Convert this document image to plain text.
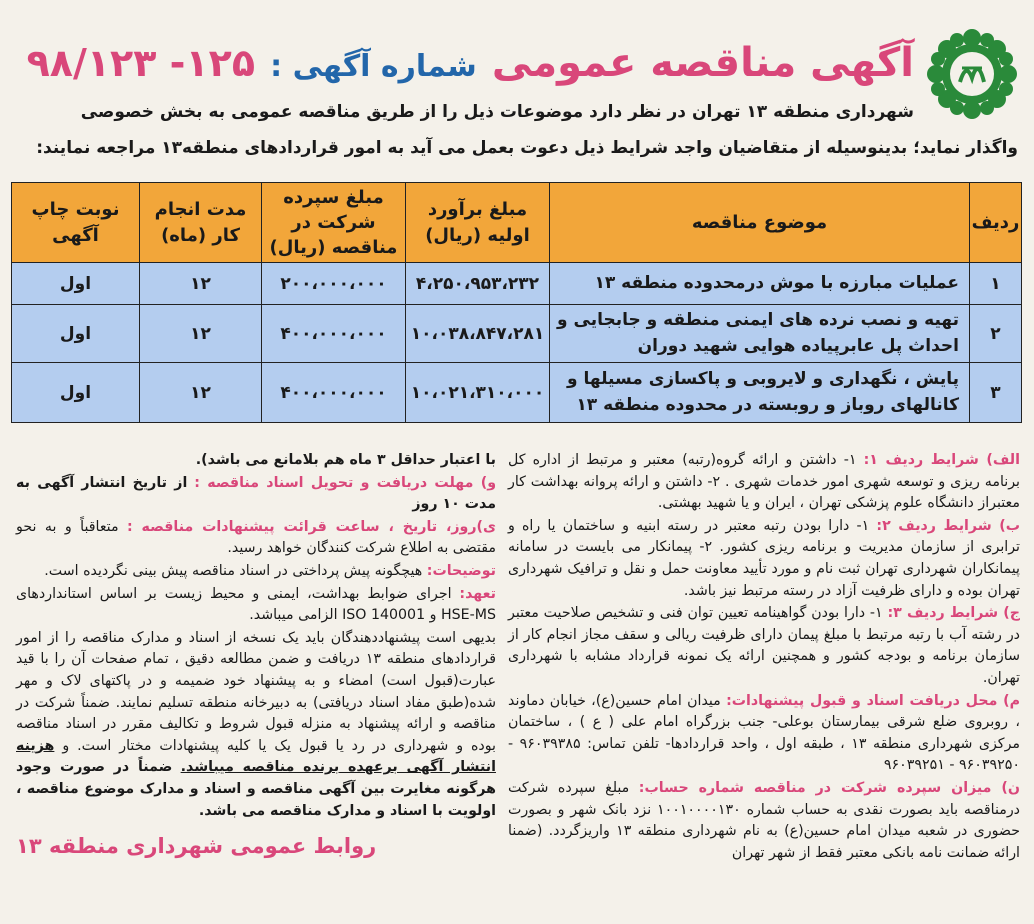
آگهی مناقصه عمومی شماره آگهی : ۱۲۵- ۹۸/۱۲۳
شهرداری منطقه ۱۳ تهران در نظر دارد موضوعات ذیل را از طریق مناقصه عمومی به بخش خصوصی
واگذار نماید؛ بدینوسیله از متقاضیان واجد شرایط ذیل دعوت بعمل می آید به امور قراردادهای منطقه۱۳ مراجعه نمایند:
ردیف	موضوع مناقصه	مبلغ برآورد اولیه (ریال)	مبلغ سپرده شرکت در مناقصه (ریال)	مدت انجام کار (ماه)	نوبت چاپ آگهی
۱	عملیات مبارزه با موش درمحدوده منطقه ۱۳	۴،۲۵۰،۹۵۳،۲۳۲	۲۰۰،۰۰۰،۰۰۰	۱۲	اول
۲	تهیه و نصب نرده های ایمنی منطقه و جابجایی و احداث پل عابرپیاده هوایی شهید دوران	۱۰،۰۳۸،۸۴۷،۲۸۱	۴۰۰،۰۰۰،۰۰۰	۱۲	اول
۳	پایش ، نگهداری و لایروبی و پاکسازی مسیلها و کانالهای روباز و روبسته در محدوده منطقه ۱۳	۱۰،۰۲۱،۳۱۰،۰۰۰	۴۰۰،۰۰۰،۰۰۰	۱۲	اول

الف) شرایط ردیف ۱: ۱- داشتن و ارائه گروه(رتبه) معتبر و مرتبط از اداره کل برنامه ریزی و توسعه شهری امور خدمات شهری . ۲- داشتن و ارائه پروانه بهداشت کار معتبراز دانشگاه علوم پزشکی تهران ، ایران و یا شهید بهشتی.

ب) شرایط ردیف ۲: ۱- دارا بودن رتبه معتبر در رسته ابنیه و ساختمان یا راه و ترابری از سازمان مدیریت و برنامه ریزی کشور. ۲- پیمانکار می بایست در سامانه پیمانکاران شهرداری تهران ثبت نام و مورد تأیید معاونت حمل و نقل و ترافیک شهرداری تهران بوده و دارای ظرفیت آزاد در رسته مرتبط نیز باشد.

ج) شرایط ردیف ۳: ۱- دارا بودن گواهینامه تعیین توان فنی و تشخیص صلاحیت معتبر در رشته آب با رتبه مرتبط با مبلغ پیمان دارای ظرفیت ریالی و سقف مجاز انجام کار از سازمان برنامه و بودجه کشور و همچنین ارائه یک نمونه قرارداد مشابه با شهرداری تهران.

م) محل دریافت اسناد و قبول پیشنهادات: میدان امام حسین(ع)، خیابان دماوند ، روبروی ضلع شرقی بیمارستان بوعلی- جنب بزرگراه امام علی ( ع ) ، ساختمان مرکزی شهرداری منطقه ۱۳ ، طبقه اول ، واحد قراردادها- تلفن تماس: ۹۶۰۳۹۳۸۵ - ۹۶۰۳۹۲۵۰ - ۹۶۰۳۹۲۵۱

ن) میزان سپرده شرکت در مناقصه شماره حساب: مبلغ سپرده شرکت درمناقصه باید بصورت نقدی به حساب شماره ۱۰۰۱۰۰۰۰۱۳۰ نزد بانک شهر و بصورت حضوری در شعبه میدان امام حسین(ع) به نام شهرداری منطقه ۱۳ واریزگردد. (ضمنا ارائه ضمانت نامه بانکی معتبر فقط از شهر تهران

با اعتبار حداقل ۳ ماه هم بلامانع می باشد).

و) مهلت دریافت و تحویل اسناد مناقصه : از تاریخ انتشار آگهی به مدت ۱۰ روز

ی)روز، تاریخ ، ساعت قرائت پیشنهادات مناقصه : متعاقباً و به نحو مقتضی به اطلاع شرکت کنندگان خواهد رسید.

توضیحات: هیچگونه پیش پرداختی در اسناد مناقصه پیش بینی نگردیده است.

تعهد: اجرای ضوابط بهداشت، ایمنی و محیط زیست بر اساس استانداردهای HSE-MS و ISO 140001 الزامی میباشد.

بدیهی است پیشنهاددهندگان باید یک نسخه از اسناد و مدارک مناقصه را از امور قراردادهای منطقه ۱۳ دریافت و ضمن مطالعه دقیق ، تمام صفحات آن را با قید عبارت(قبول است) امضاء و به پیشنهاد خود ضمیمه و در پاکتهای لاک و مهر شده(طبق مفاد اسناد دریافتی) به دبیرخانه منطقه تسلیم نمایند. ضمناً شرکت در مناقصه و ارائه پیشنهاد به منزله قبول شروط و تکالیف مقرر در اسناد مناقصه بوده و شهرداری در رد یا قبول یک یا کلیه پیشنهادات مختار است. و هزینه انتشار آگهی برعهده برنده مناقصه میباشد. ضمناً در صورت وجود هرگونه مغایرت بین آگهی مناقصه و اسناد و مدارک موضوع مناقصه ، اولویت با اسناد و مدارک مناقصه می باشد.

روابط عمومی شهرداری منطقه ۱۳
